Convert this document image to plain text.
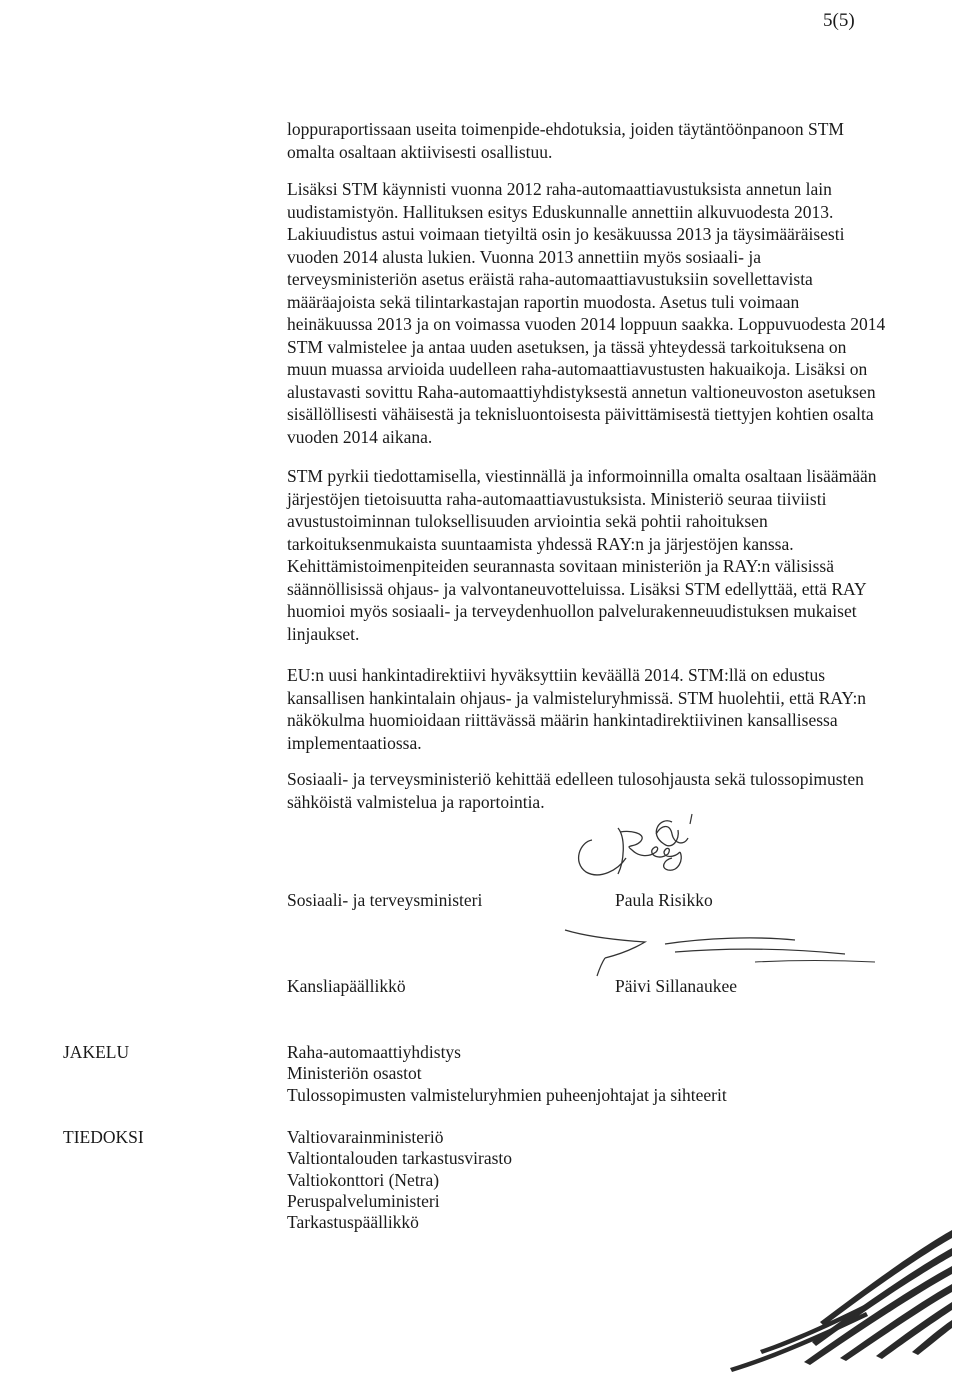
5(5)

loppuraportissaan useita toimenpide-ehdotuksia, joiden täytäntöönpanoon STM omalta osaltaan aktiivisesti osallistuu.

Lisäksi STM käynnisti vuonna 2012 raha-automaattiavustuksista annetun lain uudistamistyön. Hallituksen esitys Eduskunnalle annettiin alkuvuodesta 2013. Lakiuudistus astui voimaan tietyiltä osin jo kesäkuussa 2013 ja täysimääräisesti vuoden 2014 alusta lukien. Vuonna 2013 annettiin myös sosiaali- ja terveysministeriön asetus eräistä raha-automaattiavustuksiin sovellettavista määräajoista sekä tilintarkastajan raportin muodosta. Asetus tuli voimaan heinäkuussa 2013 ja on voimassa vuoden 2014 loppuun saakka. Loppuvuodesta 2014 STM valmistelee ja antaa uuden asetuksen, ja tässä yhteydessä tarkoituksena on muun muassa arvioida uudelleen raha-automaattiavustusten hakuaikoja. Lisäksi on alustavasti sovittu Raha-automaattiyhdistyksestä annetun valtioneuvoston asetuksen sisällöllisesti vähäisestä ja teknisluontoisesta päivittämisestä tiettyjen kohtien osalta vuoden 2014 aikana.

STM pyrkii tiedottamisella, viestinnällä ja informoinnilla omalta osaltaan lisäämään järjestöjen tietoisuutta raha-automaattiavustuksista. Ministeriö seuraa tiiviisti avustustoiminnan tuloksellisuuden arviointia sekä pohtii rahoituksen tarkoituksenmukaista suuntaamista yhdessä RAY:n ja järjestöjen kanssa. Kehittämistoimenpiteiden seurannasta sovitaan ministeriön ja RAY:n välisissä säännöllisissä ohjaus- ja valvontaneuvotteluissa. Lisäksi STM edellyttää, että RAY huomioi myös sosiaali- ja terveydenhuollon palvelurakenneuudistuksen mukaiset linjaukset.

EU:n uusi hankintadirektiivi hyväksyttiin keväällä 2014. STM:llä on edustus kansallisen hankintalain ohjaus- ja valmisteluryhmissä. STM huolehtii, että RAY:n näkökulma huomioidaan riittävässä määrin hankintadirektiivinen kansallisessa implementaatiossa.

Sosiaali- ja terveysministeriö kehittää edelleen tulosohjausta sekä tulossopimusten sähköistä valmistelua ja raportointia.

Sosiaali- ja terveysministeri	Paula Risikko
Kansliapäällikkö	Päivi Sillanaukee
JAKELU	Raha-automaattiyhdistys
Ministeriön osastot
Tulossopimusten valmisteluryhmien puheenjohtajat ja sihteerit
TIEDOKSI	Valtiovarainministeriö
Valtiontalouden tarkastusvirasto
Valtiokonttori (Netra)
Peruspalveluministeri
Tarkastuspäällikkö
